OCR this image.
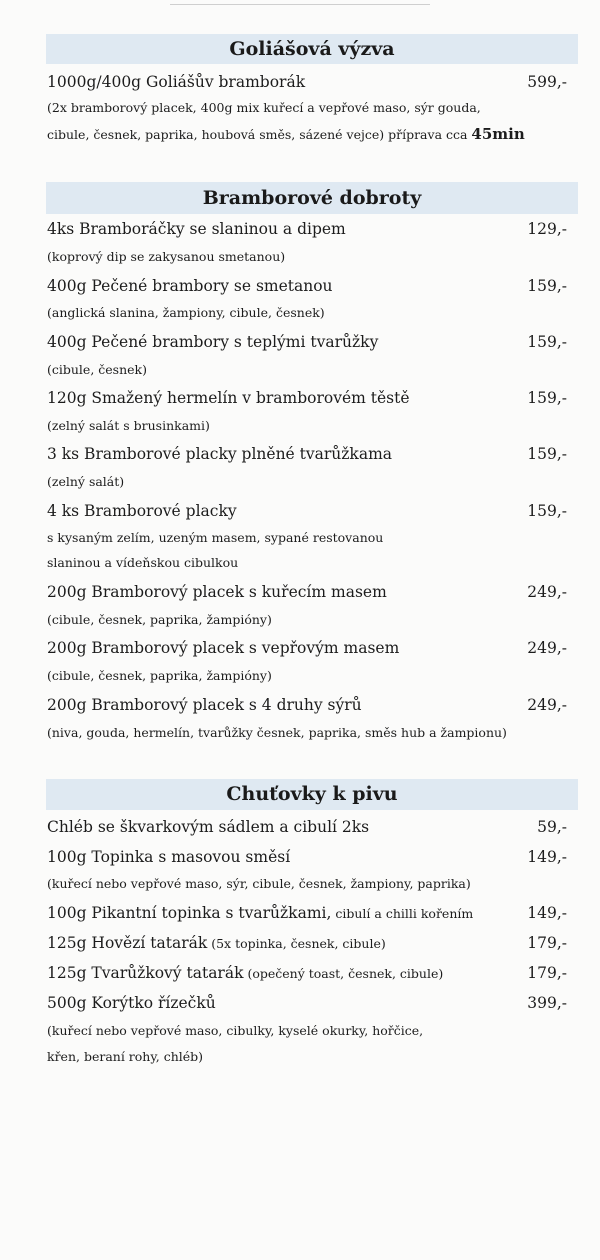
Goliášová výzva
1000g/400g Goliášův bramborák	599,-
(2x bramborový placek, 400g mix kuřecí a vepřové maso, sýr gouda,
cibule, česnek, paprika, houbová směs, sázené vejce) příprava cca 45min
Bramborové dobroty
4ks Bramboráčky se slaninou a dipem	129,-
(koprový dip se zakysanou smetanou)
400g Pečené brambory se smetanou	159,-
(anglická slanina, žampiony, cibule, česnek)
400g Pečené brambory s teplými tvarůžky	159,-
(cibule, česnek)
120g Smažený hermelín v bramborovém těstě	159,-
(zelný salát s brusinkami)
3 ks Bramborové placky plněné tvarůžkama	159,-
(zelný salát)
4 ks Bramborové placky	159,-
s kysaným zelím, uzeným masem, sypané restovanou
slaninou a vídeňskou cibulkou
200g Bramborový placek s kuřecím masem	249,-
(cibule, česnek, paprika, žampióny)
200g Bramborový placek s vepřovým masem	249,-
(cibule, česnek, paprika, žampióny)
200g Bramborový placek s 4 druhy sýrů	249,-
(niva, gouda, hermelín, tvarůžky česnek, paprika, směs hub a žampionu)
Chuťovky k pivu
Chléb se škvarkovým sádlem a cibulí 2ks	59,-
100g Topinka s masovou směsí	149,-
(kuřecí nebo vepřové maso, sýr, cibule, česnek, žampiony, paprika)
100g Pikantní topinka s tvarůžkami, cibulí a chilli kořením	149,-
125g Hovězí tatarák (5x topinka, česnek, cibule)	179,-
125g Tvarůžkový tatarák (opečený toast, česnek, cibule)	179,-
500g Korýtko řízečků	399,-
(kuřecí nebo vepřové maso, cibulky, kyselé okurky, hořčice,
křen, beraní rohy, chléb)
